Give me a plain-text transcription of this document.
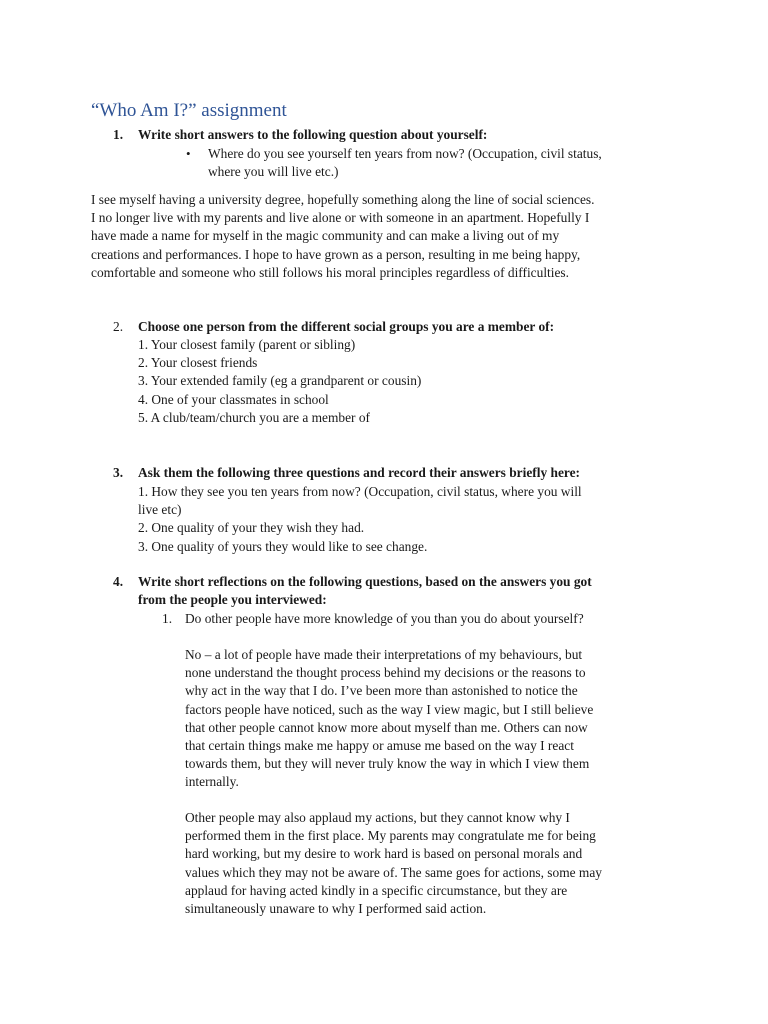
“Who Am I?” assignment
1. Write short answers to the following question about yourself:
• Where do you see yourself ten years from now? (Occupation, civil status,
where you will live etc.)
I see myself having a university degree, hopefully something along the line of social sciences.
I no longer live with my parents and live alone or with someone in an apartment. Hopefully I
have made a name for myself in the magic community and can make a living out of my
creations and performances. I hope to have grown as a person, resulting in me being happy,
comfortable and someone who still follows his moral principles regardless of difficulties.
2. Choose one person from the different social groups you are a member of:
1. Your closest family (parent or sibling)
2. Your closest friends
3. Your extended family (eg a grandparent or cousin)
4. One of your classmates in school
5. A club/team/church you are a member of
3. Ask them the following three questions and record their answers briefly here:
1. How they see you ten years from now? (Occupation, civil status, where you will
live etc)
2. One quality of your they wish they had.
3. One quality of yours they would like to see change.
4. Write short reflections on the following questions, based on the answers you got
from the people you interviewed:
1. Do other people have more knowledge of you than you do about yourself?
No – a lot of people have made their interpretations of my behaviours, but
none understand the thought process behind my decisions or the reasons to
why act in the way that I do. I’ve been more than astonished to notice the
factors people have noticed, such as the way I view magic, but I still believe
that other people cannot know more about myself than me. Others can now
that certain things make me happy or amuse me based on the way I react
towards them, but they will never truly know the way in which I view them
internally.
Other people may also applaud my actions, but they cannot know why I
performed them in the first place. My parents may congratulate me for being
hard working, but my desire to work hard is based on personal morals and
values which they may not be aware of. The same goes for actions, some may
applaud for having acted kindly in a specific circumstance, but they are
simultaneously unaware to why I performed said action.
